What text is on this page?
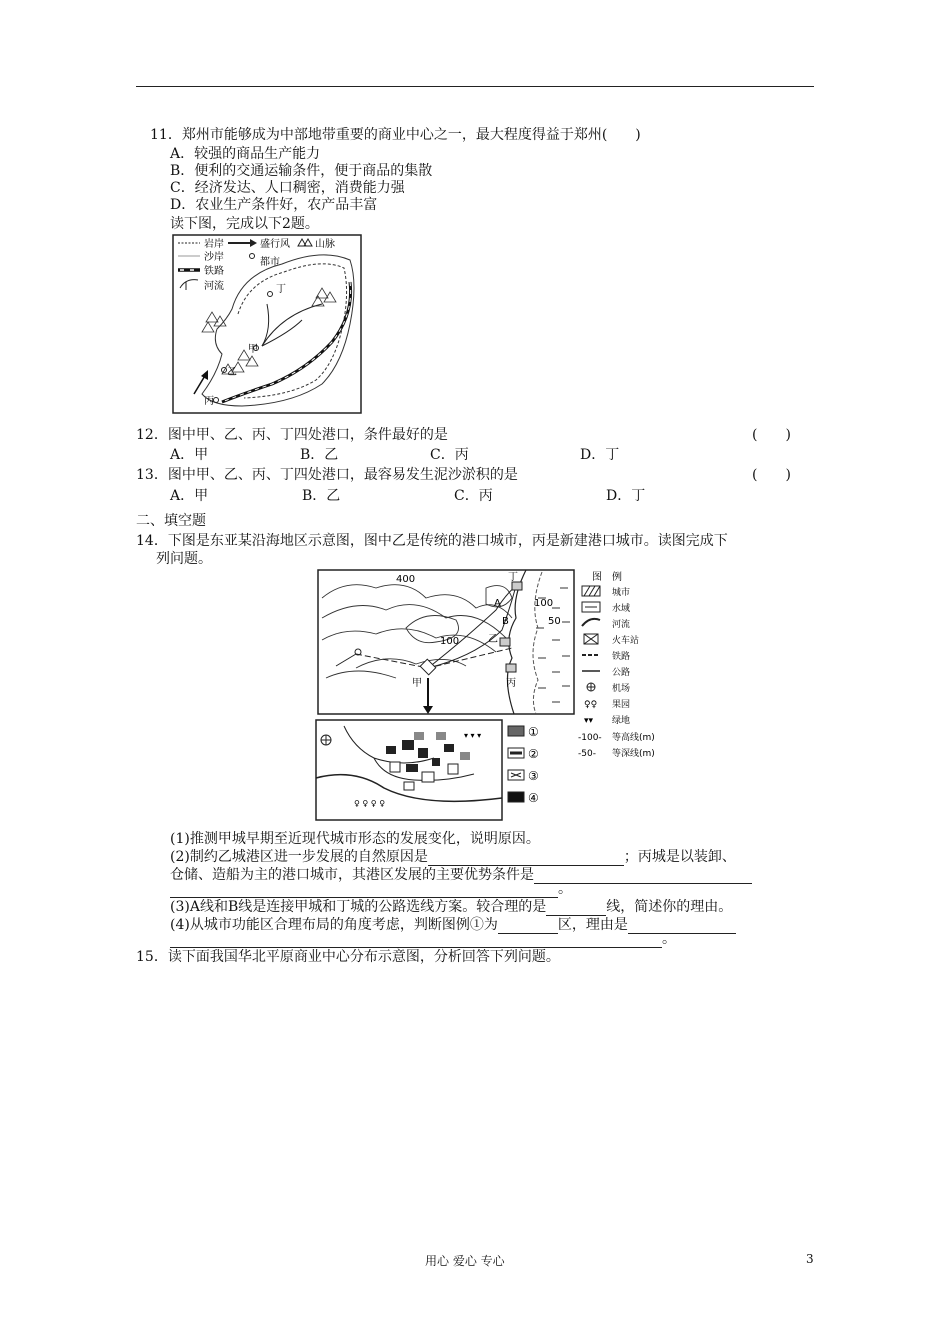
11．郑州市能够成为中部地带重要的商业中心之一，最大程度得益于郑州(　　)
A．较强的商品生产能力
B．便利的交通运输条件，便于商品的集散
C．经济发达、人口稠密，消费能力强
D．农业生产条件好，农产品丰富
读下图，完成以下2题。
岩岸	盛行风	山脉
沙岸	都市
铁路
河流	丁
甲
乙
丙
12．图中甲、乙、丙、丁四处港口，条件最好的是	(　　)
A．甲	B．乙	C．丙	D．丁
13．图中甲、乙、丙、丁四处港口，最容易发生泥沙淤积的是	(　　)
A．甲	B．乙	C．丙	D．丁
二、填空题
14．下图是东亚某沿海地区示意图，图中乙是传统的港口城市，丙是新建港口城市。读图完成下
列问题。
400
100
100
50
丁
A
B
乙
甲	丙
图　例
城市
水域
河流
火车站
铁路
公路
机场
♀♀ 果园
▾▾ 绿地
-100- 等高线(m)
-50- 等深线(m)
♀ ♀ ♀ ♀
▾ ▾ ▾	①
②
③
④
(1)推测甲城早期至近现代城市形态的发展变化，说明原因。
(2)制约乙城港区进一步发展的自然原因是	；丙城是以装卸、
仓储、造船为主的港口城市，其港区发展的主要优势条件是
。
(3)A线和B线是连接甲城和丁城的公路选线方案。较合理的是	线，简述你的理由。
(4)从城市功能区合理布局的角度考虑，判断图例①为	区，理由是
。
15．读下面我国华北平原商业中心分布示意图，分析回答下列问题。
用心 爱心 专心	3
